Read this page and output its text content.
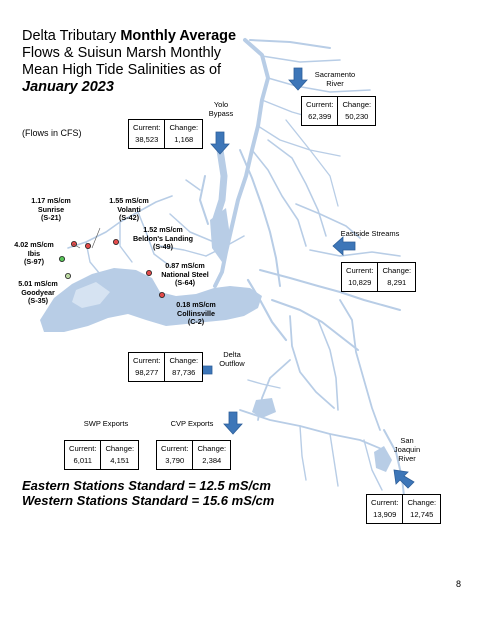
Delta Tributary Monthly Average
Flows & Suisun Marsh Monthly
Mean High Tide Salinities as of
January 2023
(Flows in CFS)
1.17 mS/cm
Sunrise
(S-21)
1.55 mS/cm
Volanti
(S-42)
4.02 mS/cm
Ibis
(S-97)
1.52 mS/cm
Beldon's Landing
(S-49)
5.01 mS/cm
Goodyear
(S-35)
0.87 mS/cm
National Steel
(S-64)
0.18 mS/cm
Collinsville
(C-2)
Sacramento
River
Yolo
Bypass
Eastside Streams
Delta
Outflow
SWP Exports	CVP Exports
San
Joaquin
River
Current:
62,399
Change:
50,230
Current:
38,523
Change:
1,168
Current:
10,829
Change:
8,291
Current:
98,277
Change:
87,736
Current:
6,011
Change:
4,151
Current:
3,790
Change:
2,384
Current:
13,909
Change:
12,745
Eastern Stations Standard = 12.5 mS/cm
Western Stations Standard = 15.6 mS/cm
8
